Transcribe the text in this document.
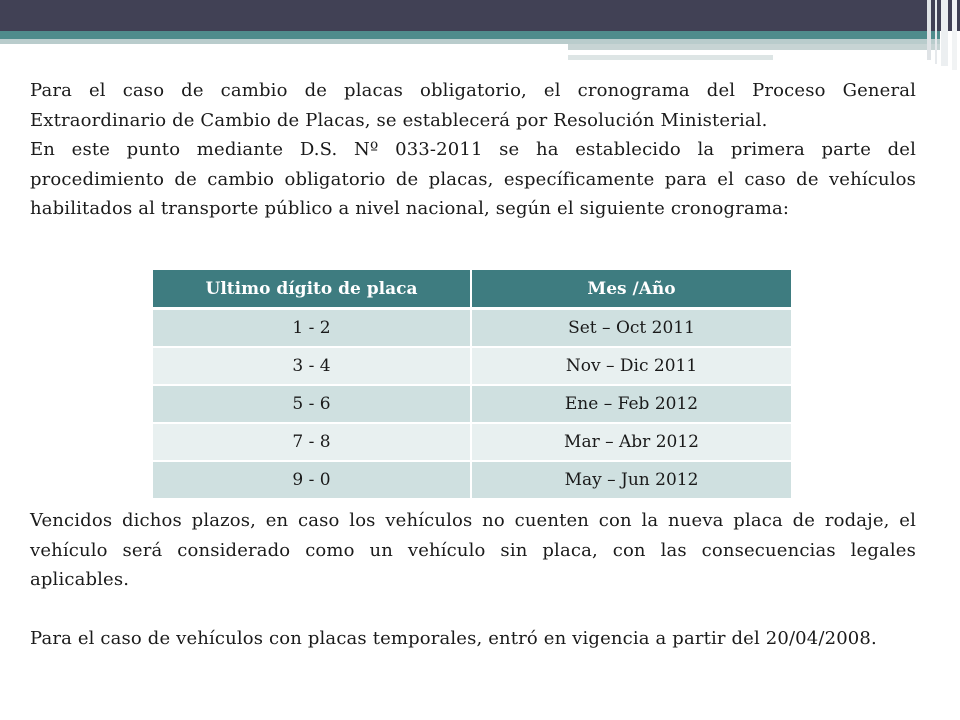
Para el caso de cambio de placas obligatorio, el cronograma del Proceso General Extraordinario de Cambio de Placas, se establecerá por Resolución Ministerial.
En este punto mediante D.S. Nº 033-2011 se ha establecido la primera parte del procedimiento de cambio obligatorio de placas, específicamente para el caso de vehículos habilitados al transporte público a nivel nacional, según el siguiente cronograma:
Ultimo dígito de placa	Mes /Año
1 - 2	Set – Oct 2011
3 - 4	Nov – Dic 2011
5 - 6	Ene – Feb 2012
7 - 8	Mar – Abr 2012
9 - 0	May – Jun 2012

Vencidos dichos plazos, en caso los vehículos no cuenten con la nueva placa de rodaje, el vehículo será considerado como un vehículo sin placa, con las consecuencias legales aplicables.

Para el caso de vehículos con placas temporales, entró en vigencia a partir del 20/04/2008.
